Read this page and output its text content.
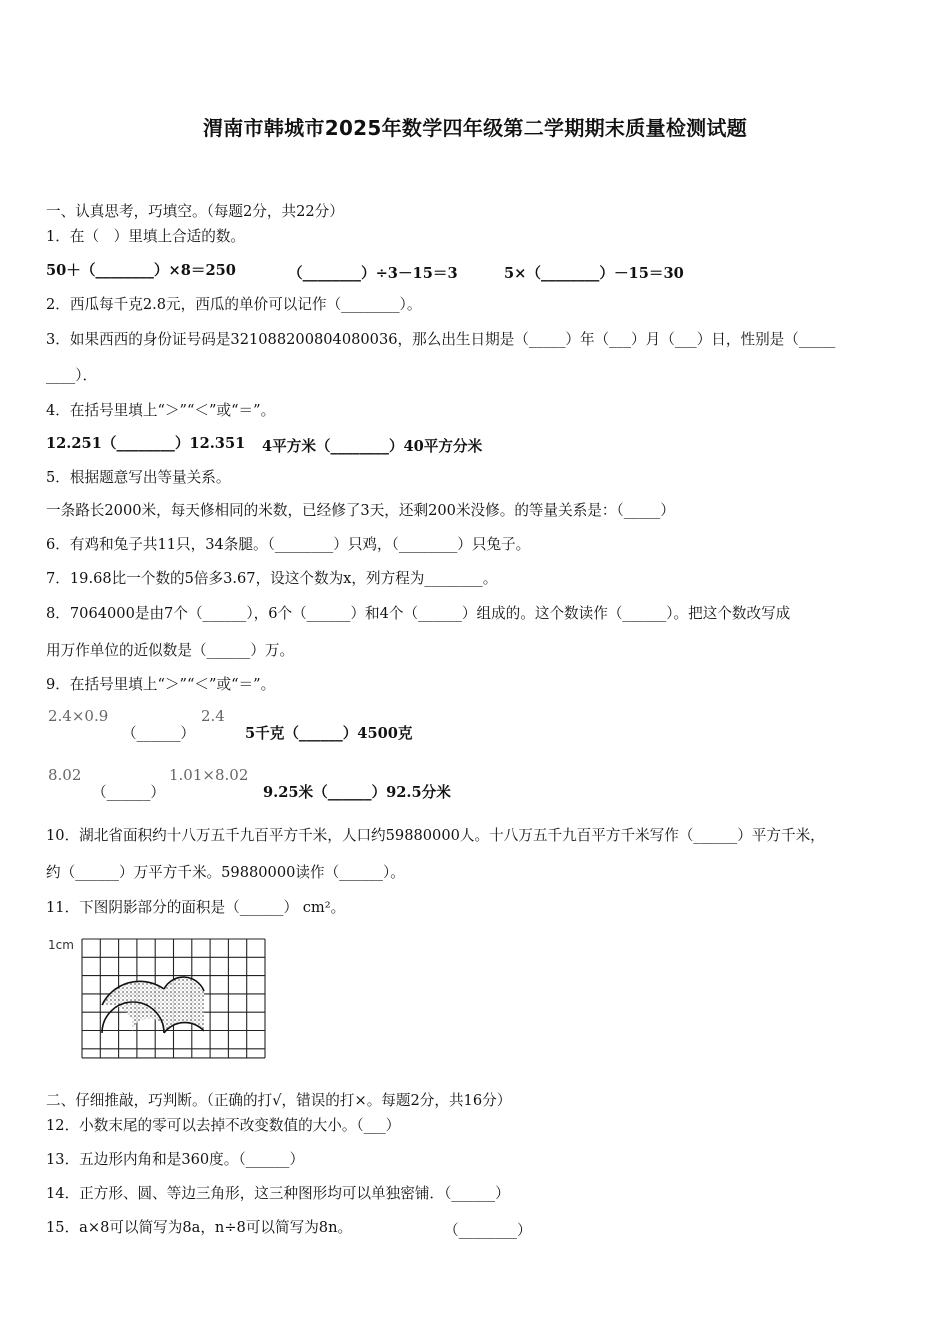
渭南市韩城市2025年数学四年级第二学期期末质量检测试题
一、认真思考，巧填空。（每题2分，共22分）
1．在（　）里填上合适的数。
50＋（________）×8＝250	（________）÷3－15＝3	5×（________）－15＝30
2．西瓜每千克2.8元，西瓜的单价可以记作（________）。
3．如果西西的身份证号码是321088200804080036，那么出生日期是（_____）年（___）月（___）日，性别是（_____
____）．
4．在括号里填上“＞”“＜”或“＝”。
12.251（________）12.351 4平方米（________）40平方分米
5．根据题意写出等量关系。
一条路长2000米，每天修相同的米数，已经修了3天，还剩200米没修。的等量关系是：（_____）
6．有鸡和兔子共11只，34条腿。（________）只鸡，（________）只兔子。
7．19.68比一个数的5倍多3.67，设这个数为x，列方程为________。
8．7064000是由7个（______），6个（______）和4个（______）组成的。这个数读作（______）。把这个数改写成
用万作单位的近似数是（______）万。
9．在括号里填上“＞”“＜”或“＝”。
2.4×0.9
（______）
2.4
5千克（______）4500克
8.02
（______）
1.01×8.02
9.25米（______）92.5分米
10．湖北省面积约十八万五千九百平方千米，人口约59880000人。十八万五千九百平方千米写作（______）平方千米，
约（______）万平方千米。59880000读作（______）。
11．下图阴影部分的面积是（______） cm²。
1cm
二、仔细推敲，巧判断。（正确的打√，错误的打×。每题2分，共16分）
12．小数末尾的零可以去掉不改变数值的大小。（___）
13．五边形内角和是360度。（______）
14．正方形、圆、等边三角形，这三种图形均可以单独密铺．（______）
15．a×8可以简写为8a，n÷8可以简写为8n。	（________）
